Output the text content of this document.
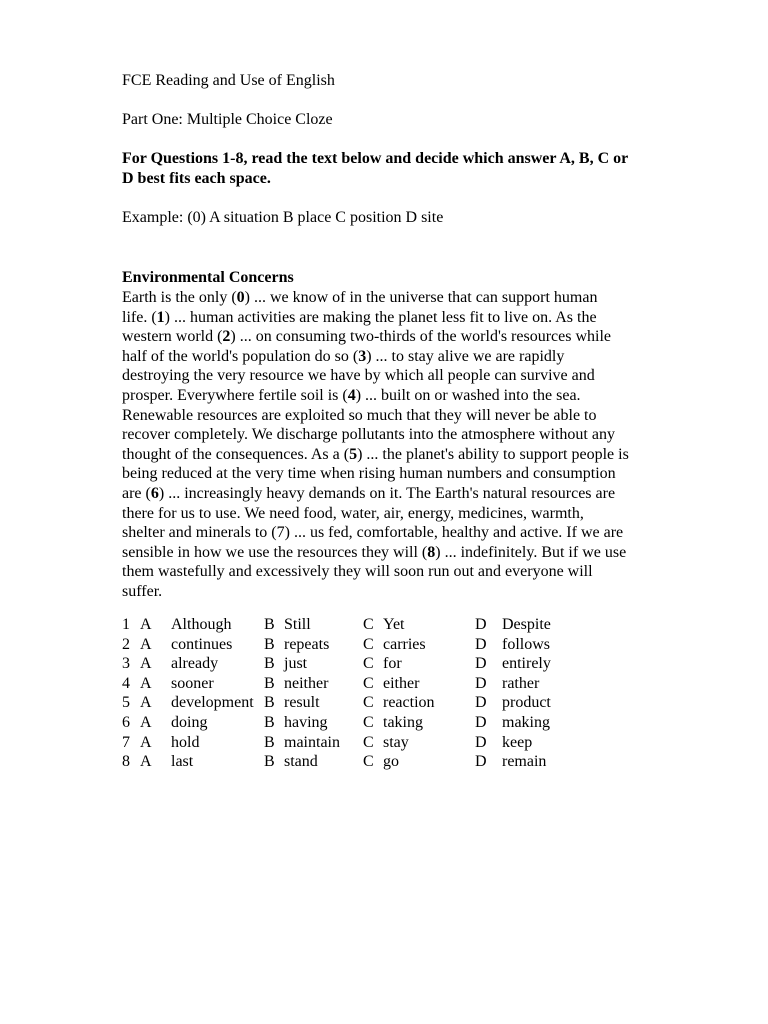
FCE Reading and Use of English
Part One: Multiple Choice Cloze
For Questions 1-8, read the text below and decide which answer A, B, C or
D best fits each space.
Example: (0) A situation B place C position D site
Environmental Concerns
Earth is the only (0) ... we know of in the universe that can support human
life. (1) ... human activities are making the planet less fit to live on. As the
western world (2) ... on consuming two-thirds of the world's resources while
half of the world's population do so (3) ... to stay alive we are rapidly
destroying the very resource we have by which all people can survive and
prosper. Everywhere fertile soil is (4) ... built on or washed into the sea.
Renewable resources are exploited so much that they will never be able to
recover completely. We discharge pollutants into the atmosphere without any
thought of the consequences. As a (5) ... the planet's ability to support people is
being reduced at the very time when rising human numbers and consumption
are (6) ... increasingly heavy demands on it. The Earth's natural resources are
there for us to use. We need food, water, air, energy, medicines, warmth,
shelter and minerals to (7) ... us fed, comfortable, healthy and active. If we are
sensible in how we use the resources they will (8) ... indefinitely. But if we use
them wastefully and excessively they will soon run out and everyone will
suffer.
1	A	Although	B	Still	C	Yet	D	Despite
2	A	continues	B	repeats	C	carries	D	follows
3	A	already	B	just	C	for	D	entirely
4	A	sooner	B	neither	C	either	D	rather
5	A	development	B	result	C	reaction	D	product
6	A	doing	B	having	C	taking	D	making
7	A	hold	B	maintain	C	stay	D	keep
8	A	last	B	stand	C	go	D	remain
